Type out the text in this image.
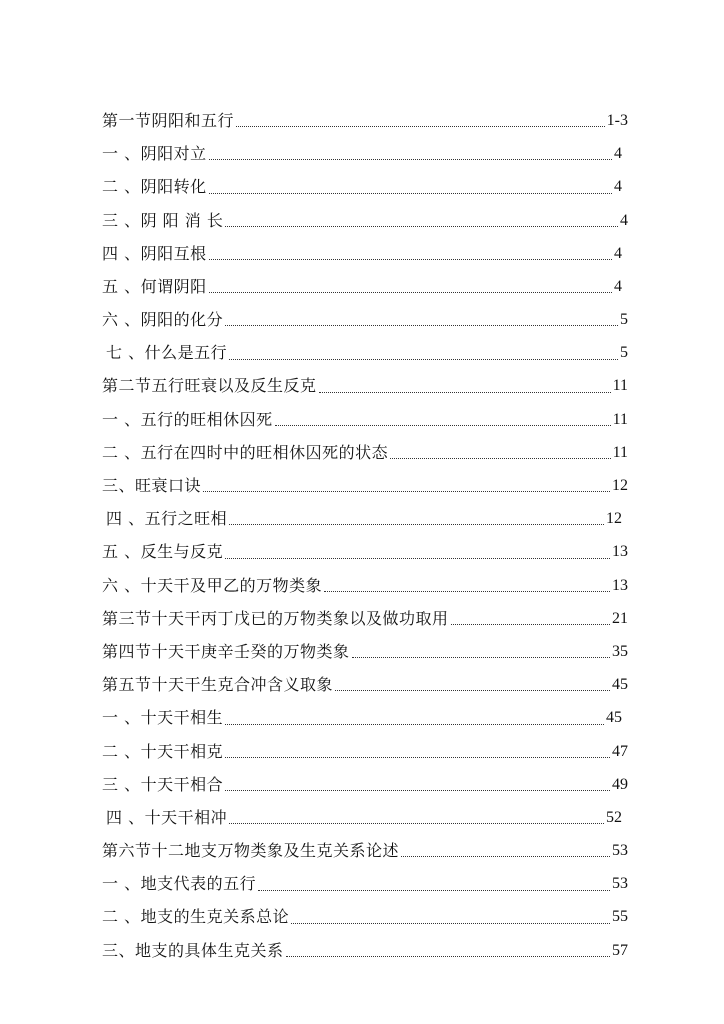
第一节阴阳和五行	1-3
一 、阴阳对立	4
二 、阴阳转化	4
三 、阴 阳 消 长	4
四 、阴阳互根	4
五 、何谓阴阳	4
六 、阴阳的化分	5
七 、什么是五行	5
第二节五行旺衰以及反生反克	11
一 、五行的旺相休囚死	11
二 、五行在四时中的旺相休囚死的状态	11
三、旺衰口诀	12
四 、五行之旺相	12
五 、反生与反克	13
六 、十天干及甲乙的万物类象	13
第三节十天干丙丁戊已的万物类象以及做功取用	21
第四节十天干庚辛壬癸的万物类象	35
第五节十天干生克合冲含义取象	45
一 、十天干相生	45
二 、十天干相克	47
三 、十天干相合	49
四 、十天干相冲	52
第六节十二地支万物类象及生克关系论述	53
一 、地支代表的五行	53
二 、地支的生克关系总论	55
三、地支的具体生克关系	57
